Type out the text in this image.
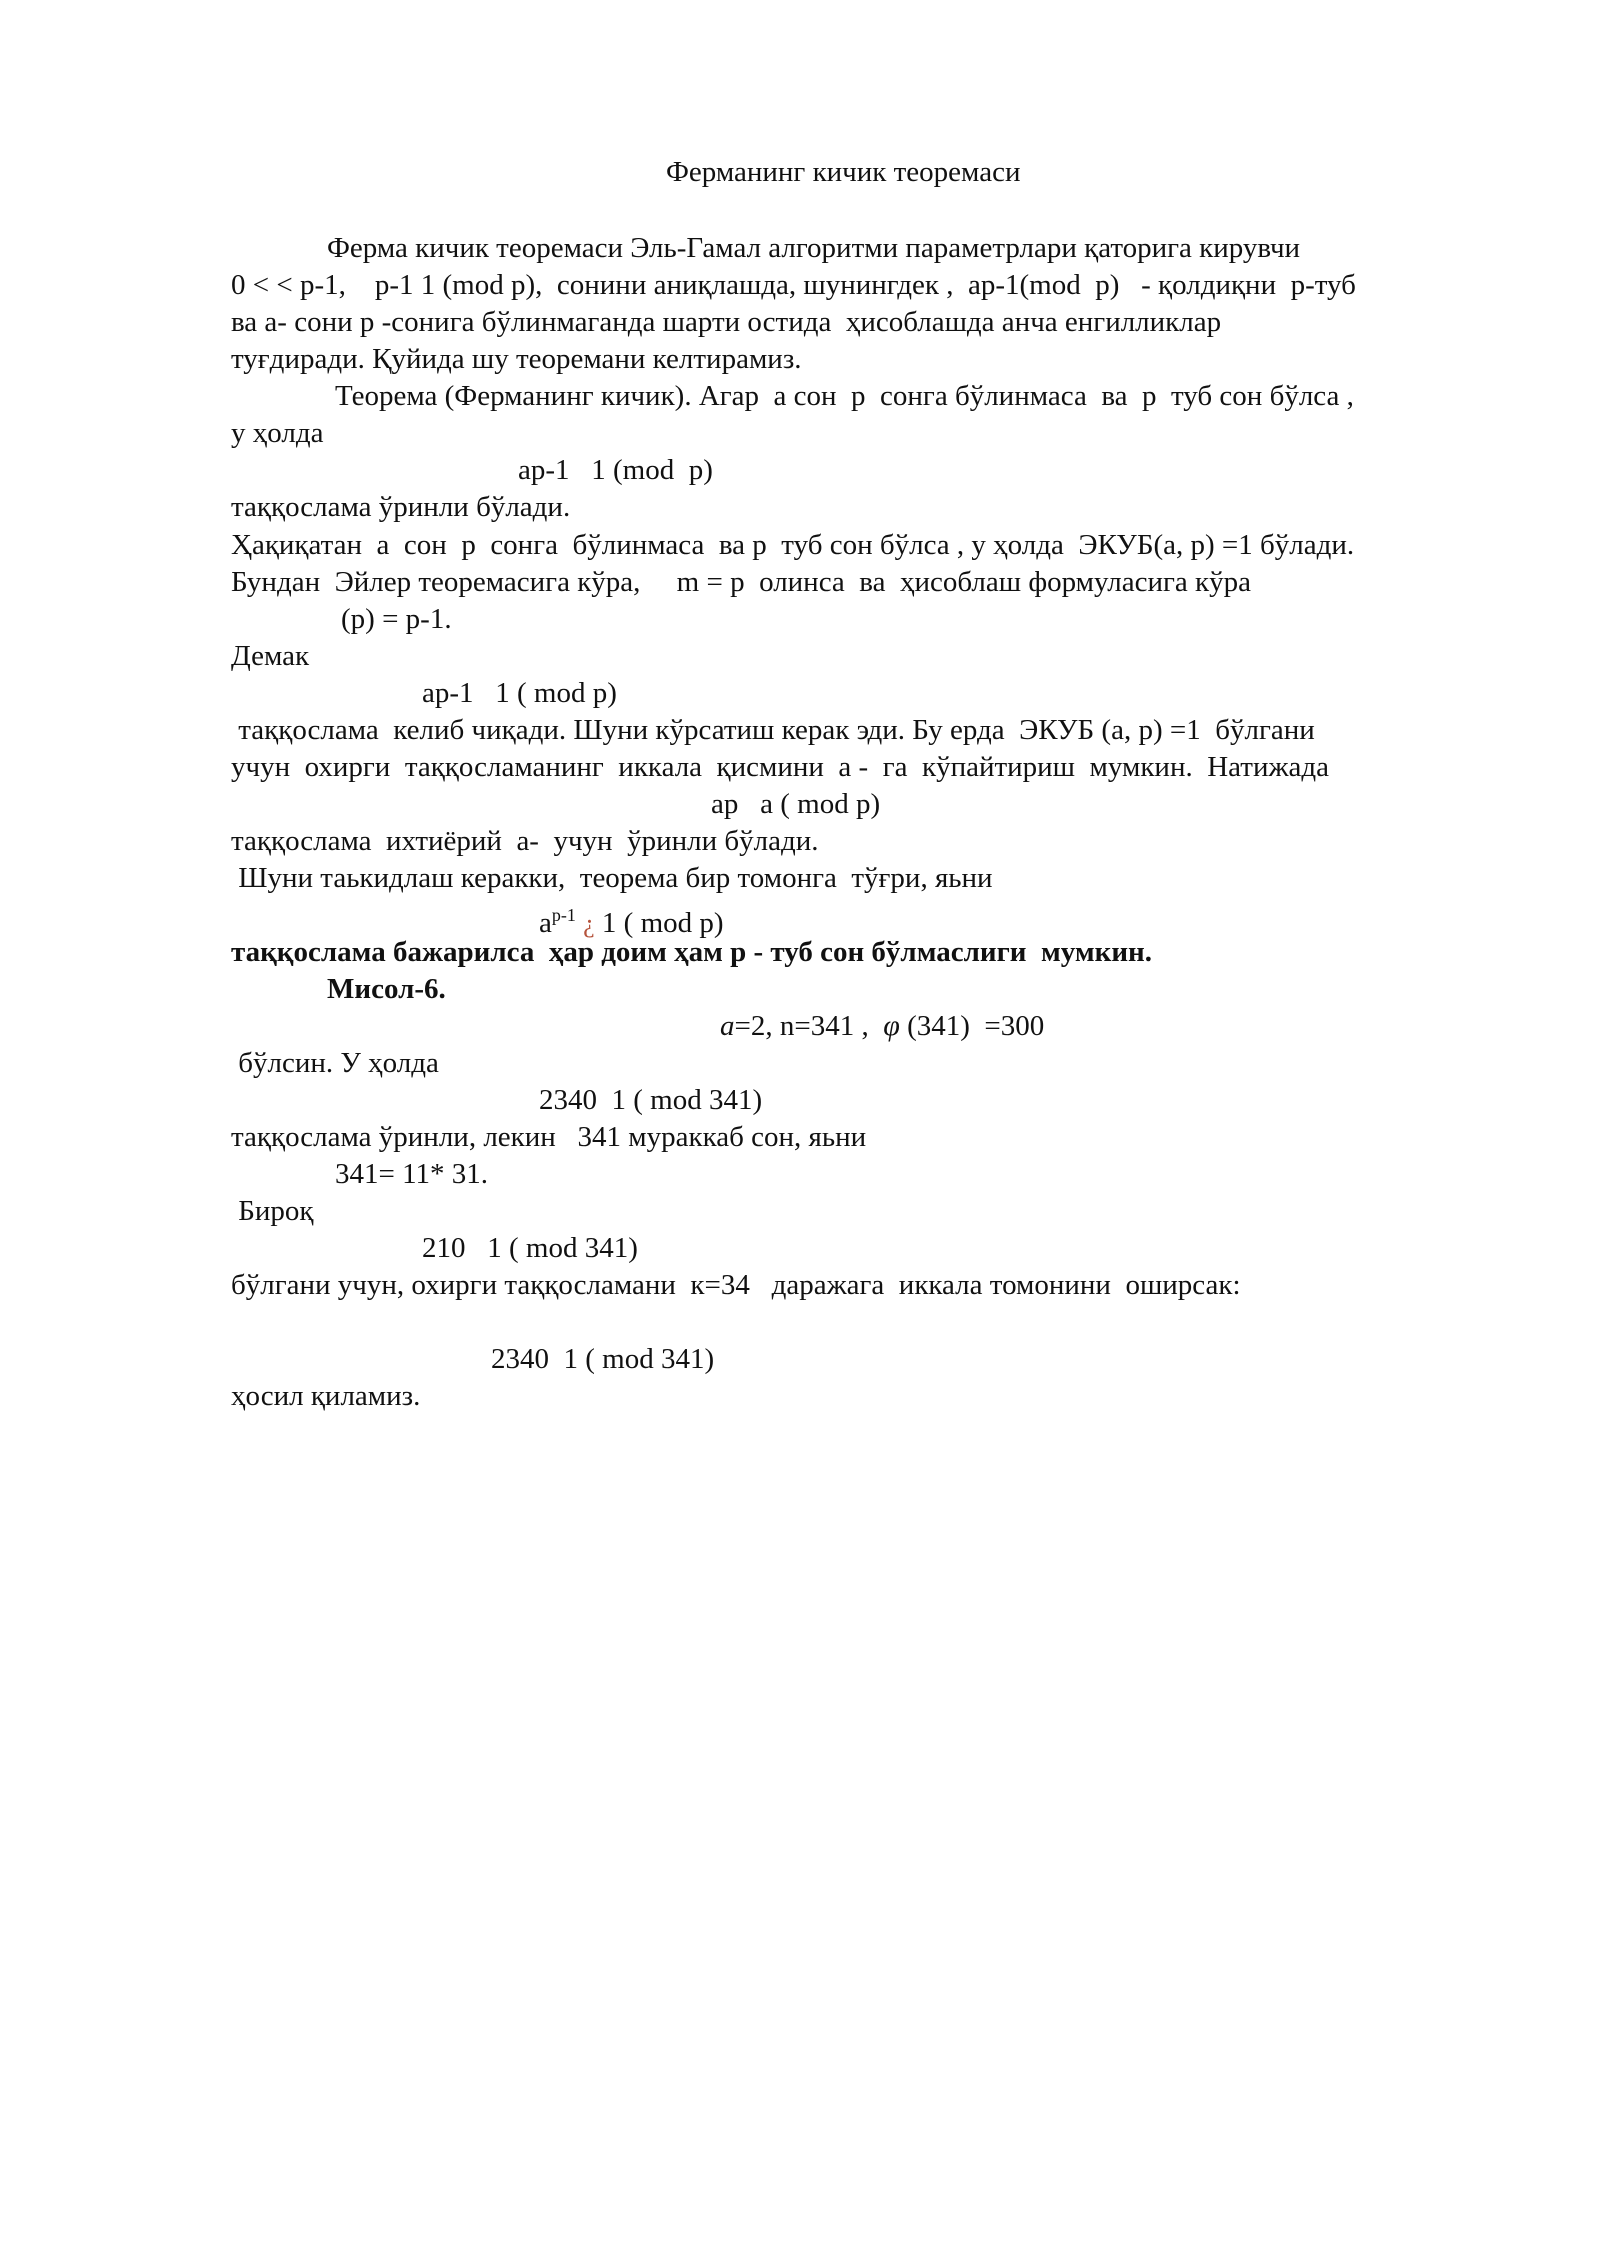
Ферманинг кичик теоремаси
Ферма кичик теоремаси Эль-Гамал алгоритми параметрлари қаторига кирувчи
0 < < p-1,    p-1 1 (mod p),  сонини аниқлашда, шунингдек ,  ap-1(mod  p)   - қолдиқни  p-туб
ва а- сони р -сонига бўлинмаганда шарти остида  ҳисоблашда анча енгилликлар
туғдиради. Қуйида шу теоремани келтирамиз.
Теорема (Ферманинг кичик). Агар  а сон  р  сонга бўлинмаса  ва  р  туб сон бўлса ,
у ҳолда
ap-1   1 (mod  p)
таққослама ўринли бўлади.
Ҳақиқатан  а  сон  р  сонга  бўлинмаса  ва р  туб сон бўлса , у ҳолда  ЭКУБ(а, р) =1 бўлади.
Бундан  Эйлер теоремасига кўра,     m = p  олинса  ва  ҳисоблаш формуласига кўра
(p) = p-1.
Демак
ap-1   1 ( mod p)
таққослама  келиб чиқади. Шуни кўрсатиш керак эди. Бу ерда  ЭКУБ (а, р) =1  бўлгани
учун  охирги  таққосламанинг  иккала  қисмини  а -  га  кўпайтириш  мумкин.  Натижада
ap   a ( mod p)
таққослама  ихтиёрий  а-  учун  ўринли бўлади.
Шуни таькидлаш керакки,  теорема бир томонга  тўғри, яьни
$a^{p-1}$ ¿ 1 ( mod p)
таққослама бажарилса  ҳар доим ҳам р - туб сон бўлмаслиги  мумкин.
Мисол-6.
a=2, n=341 , φ (341)  =300
бўлсин. У ҳолда
2340  1 ( mod 341)
таққослама ўринли, лекин   341 мураккаб сон, яьни
341= 11* 31.
Бироқ
210   1 ( mod 341)
бўлгани учун, охирги таққосламани  к=34   даражага  иккала томонини  оширсак:
2340  1 ( mod 341)
ҳосил қиламиз.
